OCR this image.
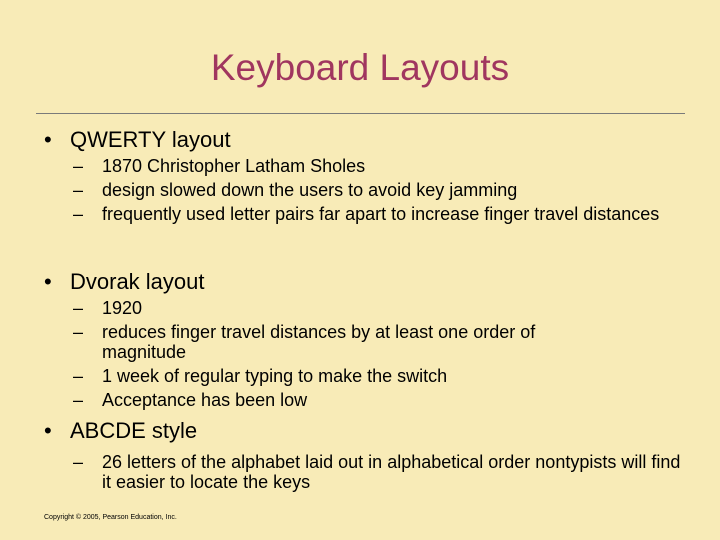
Keyboard Layouts
• QWERTY layout
– 1870 Christopher Latham Sholes
– design slowed down the users to avoid key jamming
– frequently used letter pairs far apart to increase finger travel distances
• Dvorak layout
– 1920
– reduces finger travel distances by at least one order of magnitude
– 1 week of regular typing to make the switch
– Acceptance has been low
• ABCDE style
– 26 letters of the alphabet laid out in alphabetical order nontypists will find it easier to locate the keys
Copyright © 2005, Pearson Education, Inc.
